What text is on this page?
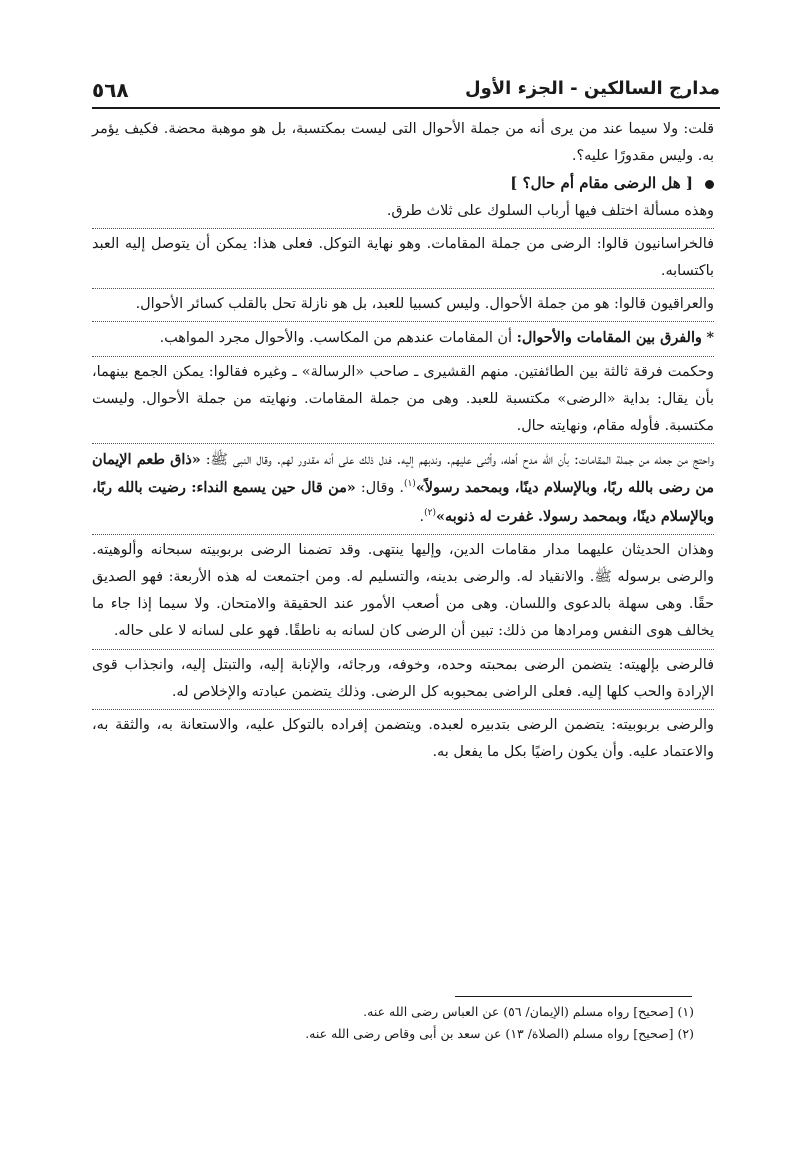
مدارج السالكين - الجزء الأول
٥٦٨

قلت: ولا سيما عند من يرى أنه من جملة الأحوال التى ليست بمكتسبة، بل هو موهبة محضة. فكيف يؤمر به. وليس مقدورًا عليه؟.

[ هل الرضى مقام أم حال؟ ]

وهذه مسألة اختلف فيها أرباب السلوك على ثلاث طرق.

فالخراسانيون قالوا: الرضى من جملة المقامات. وهو نهاية التوكل. فعلى هذا: يمكن أن يتوصل إليه العبد باكتسابه.

والعراقيون قالوا: هو من جملة الأحوال. وليس كسبيا للعبد، بل هو نازلة تحل بالقلب كسائر الأحوال.

* والفرق بين المقامات والأحوال: أن المقامات عندهم من المكاسب. والأحوال مجرد المواهب.

وحكمت فرقة ثالثة بين الطائفتين. منهم القشيرى ـ صاحب «الرسالة» ـ وغيره فقالوا: يمكن الجمع بينهما، بأن يقال: بداية «الرضى» مكتسبة للعبد. وهى من جملة المقامات. ونهايته من جملة الأحوال. وليست مكتسبة. فأوله مقام، ونهايته حال.

واحتج من جعله من جملة المقامات: بأن الله مدح أهله، وأثنى عليهم. وندبهم إليه. فدل ذلك على أنه مقدور لهم. وقال النبى ﷺ: «ذاق طعم الإيمان من رضى بالله ربًا، وبالإسلام دينًا، وبمحمد رسولاً»$^{(١)}$. وقال: «من قال حين يسمع النداء: رضيت بالله ربًا، وبالإسلام دينًا، وبمحمد رسولا. غفرت له ذنوبه»$^{(٢)}$.

وهذان الحديثان عليهما مدار مقامات الدين، وإليها ينتهى. وقد تضمنا الرضى بربوبيته سبحانه وألوهيته. والرضى برسوله ﷺ. والانقياد له. والرضى بدينه، والتسليم له. ومن اجتمعت له هذه الأربعة: فهو الصديق حقًا. وهى سهلة بالدعوى واللسان. وهى من أصعب الأمور عند الحقيقة والامتحان. ولا سيما إذا جاء ما يخالف هوى النفس ومرادها من ذلك: تبين أن الرضى كان لسانه به ناطقًا. فهو على لسانه لا على حاله.

فالرضى بإلهيته: يتضمن الرضى بمحبته وحده، وخوفه، ورجائه، والإنابة إليه، والتبتل إليه، وانجذاب قوى الإرادة والحب كلها إليه. فعلى الراضى بمحبوبه كل الرضى. وذلك يتضمن عبادته والإخلاص له.

والرضى بربوبيته: يتضمن الرضى بتدبيره لعبده. ويتضمن إفراده بالتوكل عليه، والاستعانة به، والثقة به، والاعتماد عليه. وأن يكون راضيًا بكل ما يفعل به.

(١) [صحيح] رواه مسلم (الإيمان/ ٥٦) عن العباس رضى الله عنه.

(٢) [صحيح] رواه مسلم (الصلاة/ ١٣) عن سعد بن أبى وقاص رضى الله عنه.
